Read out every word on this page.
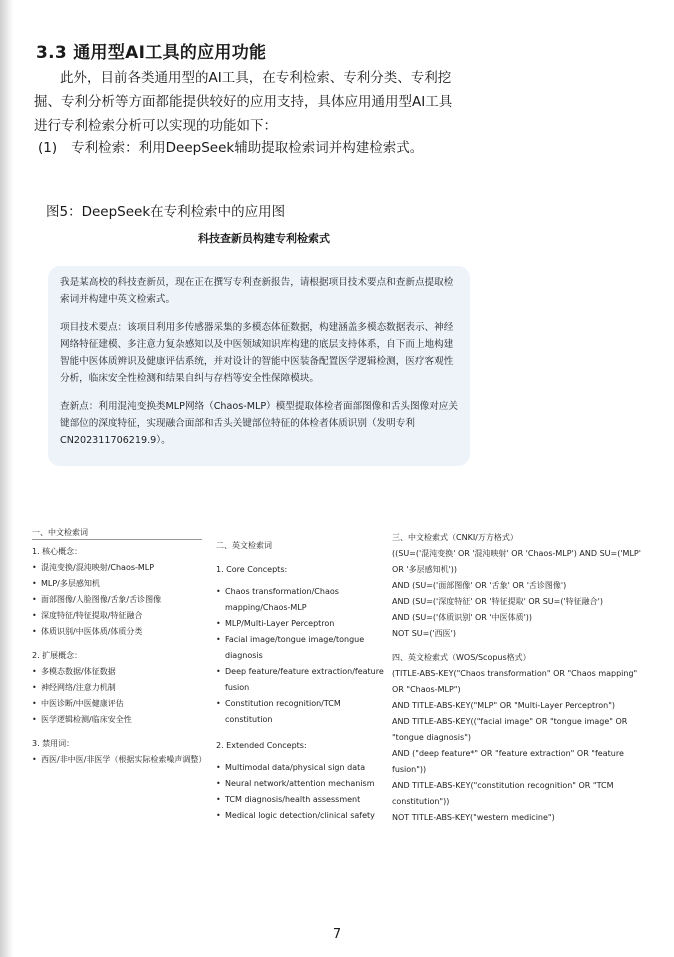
3.3 通用型AI工具的应用功能
此外，目前各类通用型的AI工具，在专利检索、专利分类、专利挖
掘、专利分析等方面都能提供较好的应用支持，具体应用通用型AI工具
进行专利检索分析可以实现的功能如下：
(1) 专利检索：利用DeepSeek辅助提取检索词并构建检索式。
图5：DeepSeek在专利检索中的应用图
科技查新员构建专利检索式

我是某高校的科技查新员，现在正在撰写专利查新报告，请根据项目技术要点和查新点提取检索词并构建中英文检索式。

项目技术要点：该项目利用多传感器采集的多模态体征数据，构建涵盖多模态数据表示、神经网络特征建模、多注意力复杂感知以及中医领域知识库构建的底层支持体系，自下而上地构建智能中医体质辨识及健康评估系统，并对设计的智能中医装备配置医学逻辑检测，医疗客观性分析，临床安全性检测和结果自纠与存档等安全性保障模块。

查新点：利用混沌变换类MLP网络（Chaos-MLP）模型提取体检者面部图像和舌头图像对应关键部位的深度特征，实现融合面部和舌头关键部位特征的体检者体质识别（发明专利CN202311706219.9）。

一、中文检索词
1. 核心概念：
• 混沌变换/混沌映射/Chaos-MLP
• MLP/多层感知机
• 面部图像/人脸图像/舌象/舌诊图像
• 深度特征/特征提取/特征融合
• 体质识别/中医体质/体质分类
2. 扩展概念：
• 多模态数据/体征数据
• 神经网络/注意力机制
• 中医诊断/中医健康评估
• 医学逻辑检测/临床安全性
3. 禁用词：
• 西医/非中医/非医学（根据实际检索噪声调整）
二、英文检索词
1. Core Concepts:
• Chaos transformation/Chaos mapping/Chaos-MLP
• MLP/Multi-Layer Perceptron
• Facial image/tongue image/tongue diagnosis
• Deep feature/feature extraction/feature fusion
• Constitution recognition/TCM constitution
2. Extended Concepts:
• Multimodal data/physical sign data
• Neural network/attention mechanism
• TCM diagnosis/health assessment
• Medical logic detection/clinical safety
三、中文检索式（CNKI/万方格式）
((SU=('混沌变换' OR '混沌映射' OR 'Chaos-MLP') AND SU=('MLP' OR '多层感知机'))
AND (SU=('面部图像' OR '舌象' OR '舌诊图像')
AND (SU=('深度特征' OR '特征提取' OR SU=('特征融合')
AND (SU=('体质识别' OR '中医体质'))
NOT SU=('西医')
四、英文检索式（WOS/Scopus格式）
(TITLE-ABS-KEY("Chaos transformation" OR "Chaos mapping" OR "Chaos-MLP")
AND TITLE-ABS-KEY("MLP" OR "Multi-Layer Perceptron")
AND TITLE-ABS-KEY(("facial image" OR "tongue image" OR "tongue diagnosis")
AND ("deep feature*" OR "feature extraction" OR "feature fusion"))
AND TITLE-ABS-KEY("constitution recognition" OR "TCM constitution"))
NOT TITLE-ABS-KEY("western medicine")
7
